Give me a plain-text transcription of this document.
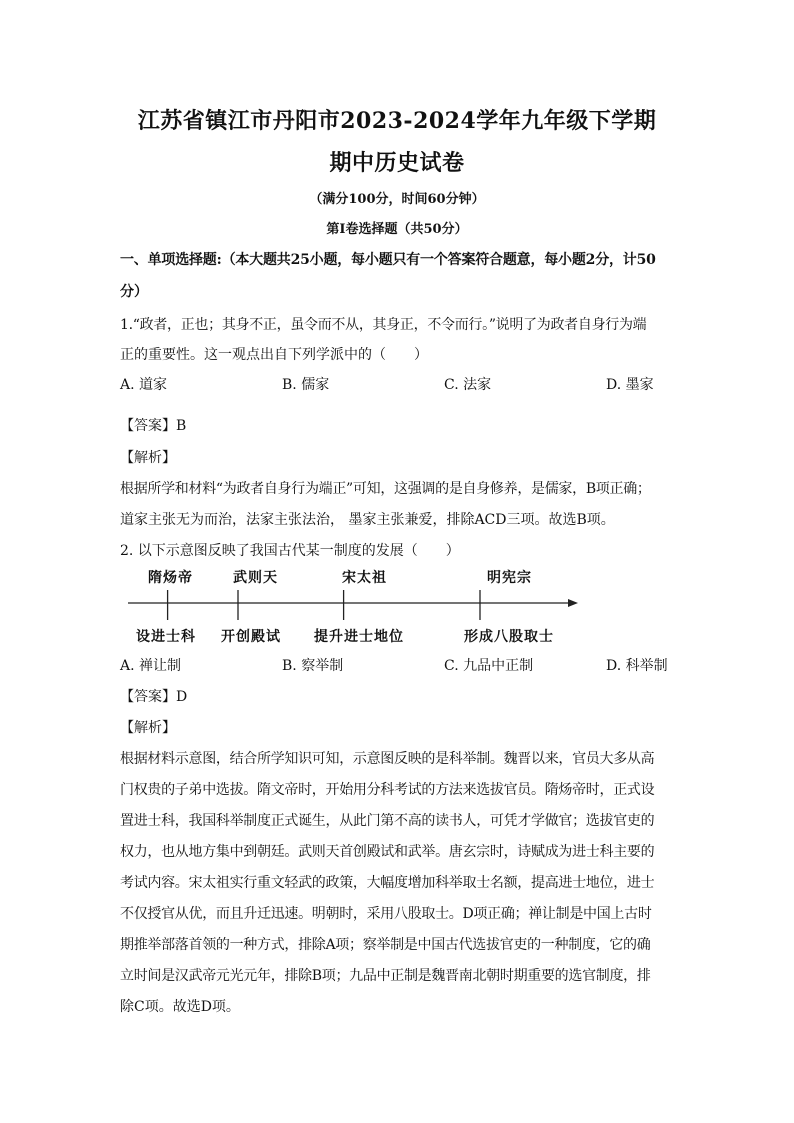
江苏省镇江市丹阳市2023-2024学年九年级下学期
期中历史试卷
（满分100分，时间60分钟）
第Ⅰ卷选择题（共50分）
一、单项选择题:（本大题共25小题，每小题只有一个答案符合题意，每小题2分，计50
分）
1.“政者，正也；其身不正，虽令而不从，其身正，不令而行。”说明了为政者自身行为端
正的重要性。这一观点出自下列学派中的（　　）
A. 道家	B. 儒家	C. 法家	D. 墨家
【答案】B
【解析】
根据所学和材料“为政者自身行为端正”可知，这强调的是自身修养，是儒家，B项正确；
道家主张无为而治，法家主张法治， 墨家主张兼爱，排除ACD三项。故选B项。
2. 以下示意图反映了我国古代某一制度的发展（　　）
隋炀帝	武则天	宋太祖	明宪宗
设进士科 开创殿试 提升进士地位	形成八股取士
A. 禅让制	B. 察举制	C. 九品中正制	D. 科举制
【答案】D
【解析】
根据材料示意图，结合所学知识可知，示意图反映的是科举制。魏晋以来，官员大多从高
门权贵的子弟中选拔。隋文帝时，开始用分科考试的方法来选拔官员。隋炀帝时，正式设
置进士科，我国科举制度正式诞生，从此门第不高的读书人，可凭才学做官；选拔官吏的
权力，也从地方集中到朝廷。武则天首创殿试和武举。唐玄宗时，诗赋成为进士科主要的
考试内容。宋太祖实行重文轻武的政策，大幅度增加科举取士名额，提高进士地位，进士
不仅授官从优，而且升迁迅速。明朝时，采用八股取士。D项正确；禅让制是中国上古时
期推举部落首领的一种方式，排除A项；察举制是中国古代选拔官吏的一种制度，它的确
立时间是汉武帝元光元年，排除B项；九品中正制是魏晋南北朝时期重要的选官制度，排
除C项。故选D项。
